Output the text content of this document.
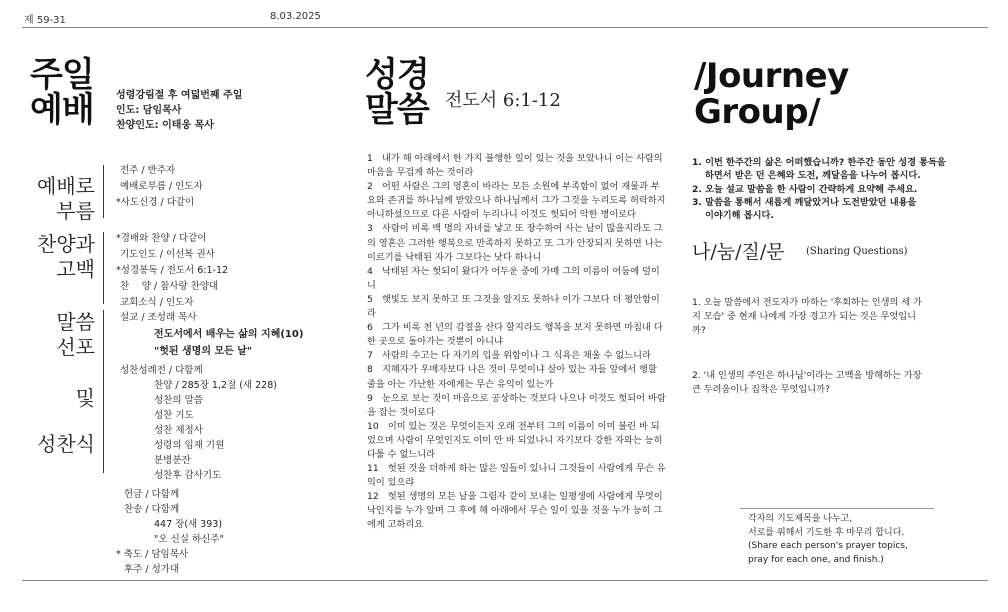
제 59-31	8.03.2025
주일
예배 성령강림절 후 여덟번째 주일
인도: 담임목사
찬양인도: 이태웅 목사
예배로
부름
찬양과
고백
말씀
선포
및
성찬식
전주 / 반주자
예배로부름 / 인도자
*사도신경 / 다같이
*경배와 찬양 / 다같이
기도인도 / 이선복 권사
*성경봉독 / 전도서 6:1-12
찬　 양 / 참사랑 찬양대
교회소식 / 인도자
설교 / 조성래 목사
전도서에서 배우는 삶의 지혜(10)
"헛된 생명의 모든 날"
성찬성례전 / 다함께
찬양 / 285장 1,2절 (새 228)
성찬의 말씀
성찬 기도
성찬 제정사
성령의 임재 기원
분병분잔
성찬후 감사기도
헌금 / 다함께
찬송 / 다함께
447 장(새 393)
"오 신실 하신주"
* 축도 / 담임목사
후주 / 성가대
성경
말씀 전도서 6:1-12

1　내가 해 아래에서 한 가지 불행한 일이 있는 것을 보았나니 이는 사람의 마음을 무겁게 하는 것이라

2　어떤 사람은 그의 영혼이 바라는 모든 소원에 부족함이 없어 재물과 부요와 존귀를 하나님께 받았으나 하나님께서 그가 그것을 누리도록 허락하지 아니하셨으므로 다른 사람이 누리나니 이것도 헛되어 악한 병이로다

3　사람이 비록 백 명의 자녀를 낳고 또 장수하여 사는 날이 많을지라도 그의 영혼은 그러한 행복으로 만족하지 못하고 또 그가 안장되지 못하면 나는 이르기를 낙태된 자가 그보다는 낫다 하나니

4　낙태된 자는 헛되이 왔다가 어두운 중에 가매 그의 이름이 어둠에 덮이니

5　햇빛도 보지 못하고 또 그것을 알지도 못하나 이가 그보다 더 평안함이라

6　그가 비록 천 년의 갑절을 산다 할지라도 행복을 보지 못하면 마침내 다 한 곳으로 돌아가는 것뿐이 아니냐

7　사람의 수고는 다 자기의 입을 위함이나 그 식욕은 채울 수 없느니라

8　지혜자가 우매자보다 나은 것이 무엇이냐 살아 있는 자들 앞에서 행할 줄을 아는 가난한 자에게는 무슨 유익이 있는가

9　눈으로 보는 것이 마음으로 공상하는 것보다 나으나 이것도 헛되어 바람을 잡는 것이로다

10　이미 있는 것은 무엇이든지 오래 전부터 그의 이름이 이미 불린 바 되었으며 사람이 무엇인지도 이미 안 바 되었나니 자기보다 강한 자와는 능히 다툴 수 없느니라

11　헛된 것을 더하게 하는 많은 일들이 있나니 그것들이 사람에게 무슨 유익이 있으랴

12　헛된 생명의 모든 날을 그림자 같이 보내는 일평생에 사람에게 무엇이 낙인지를 누가 알며 그 후에 해 아래에서 무슨 일이 있을 것을 누가 능히 그에게 고하리요

/Journey
Group/
1. 이번 한주간의 삶은 어떠했습니까? 한주간 동안 성경 통독을
하면서 받은 던 은혜와 도전, 깨달음을 나누어 봅시다.
2. 오늘 설교 말씀을 한 사람이 간략하게 요약해 주세요.
3. 말씀을 통해서 새롭게 깨달았거나 도전받았던 내용을
이야기해 봅시다.
나/눔/질/문 (Sharing Questions)
1. 오늘 말씀에서 전도자가 마하는 '후회하는 인생의 세 가
지 모습' 중 현재 나에게 가장 경고가 되는 것은 무엇입니
까?
2. '내 인생의 주인은 하나님'이라는 고백을 방해하는 가장
큰 두려움이나 집착은 무엇입니까?
각자의 기도제목을 나누고,
서로를 위해서 기도한 후 마무리 합니다.
(Share each person's prayer topics,
pray for each one, and finish.)
